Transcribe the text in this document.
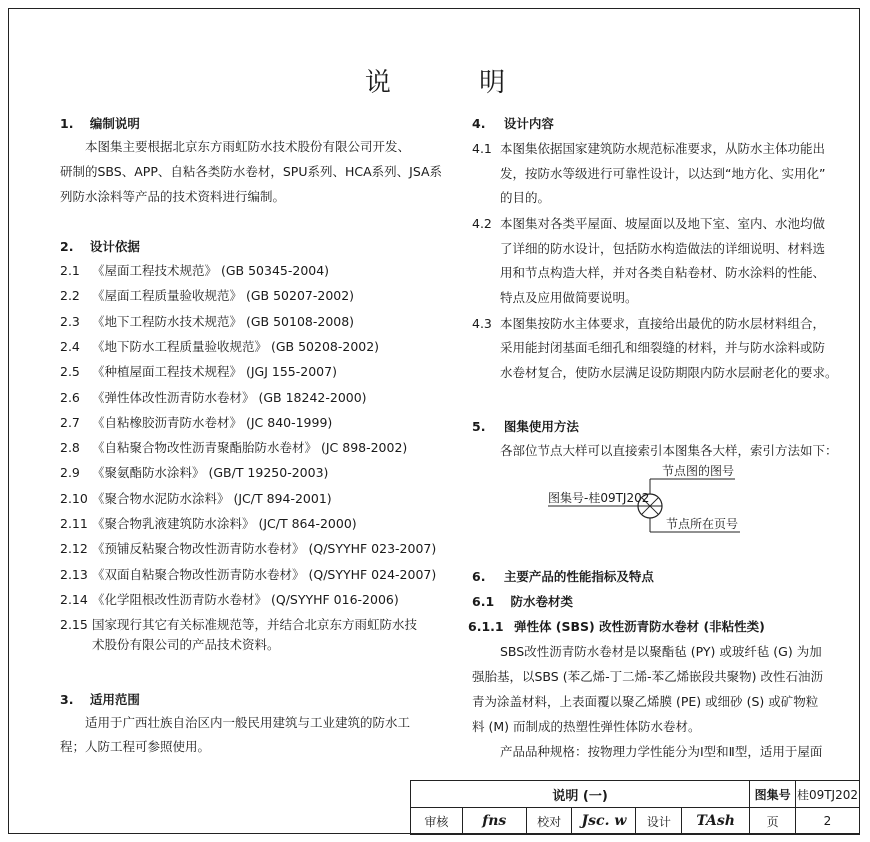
说 明
1. 编制说明
本图集主要根据北京东方雨虹防水技术股份有限公司开发、
研制的SBS、APP、自粘各类防水卷材，SPU系列、HCA系列、JSA系
列防水涂料等产品的技术资料进行编制。
2. 设计依据
2.1 《屋面工程技术规范》 (GB 50345-2004)
2.2 《屋面工程质量验收规范》 (GB 50207-2002)
2.3 《地下工程防水技术规范》 (GB 50108-2008)
2.4 《地下防水工程质量验收规范》 (GB 50208-2002)
2.5 《种植屋面工程技术规程》 (JGJ 155-2007)
2.6 《弹性体改性沥青防水卷材》 (GB 18242-2000)
2.7 《自粘橡胶沥青防水卷材》 (JC 840-1999)
2.8 《自粘聚合物改性沥青聚酯胎防水卷材》 (JC 898-2002)
2.9 《聚氨酯防水涂料》 (GB/T 19250-2003)
2.10 《聚合物水泥防水涂料》 (JC/T 894-2001)
2.11 《聚合物乳液建筑防水涂料》 (JC/T 864-2000)
2.12 《预铺反粘聚合物改性沥青防水卷材》 (Q/SYYHF 023-2007)
2.13 《双面自粘聚合物改性沥青防水卷材》 (Q/SYYHF 024-2007)
2.14 《化学阻根改性沥青防水卷材》 (Q/SYYHF 016-2006)
2.15 国家现行其它有关标准规范等，并结合北京东方雨虹防水技
术股份有限公司的产品技术资料。
3. 适用范围
适用于广西壮族自治区内一般民用建筑与工业建筑的防水工
程；人防工程可参照使用。
4. 设计内容
4.1 本图集依据国家建筑防水规范标准要求，从防水主体功能出
发，按防水等级进行可靠性设计，以达到“地方化、实用化”
的目的。
4.2 本图集对各类平屋面、坡屋面以及地下室、室内、水池均做
了详细的防水设计，包括防水构造做法的详细说明、材料选
用和节点构造大样，并对各类自粘卷材、防水涂料的性能、
特点及应用做简要说明。
4.3 本图集按防水主体要求，直接给出最优的防水层材料组合，
采用能封闭基面毛细孔和细裂缝的材料，并与防水涂料或防
水卷材复合，使防水层满足设防期限内防水层耐老化的要求。
5. 图集使用方法
各部位节点大样可以直接索引本图集各大样，索引方法如下：
节点图的图号
图集号-桂09TJ202
节点所在页号
6. 主要产品的性能指标及特点
6.1 防水卷材类
6.1.1 弹性体 (SBS) 改性沥青防水卷材 (非粘性类)
SBS改性沥青防水卷材是以聚酯毡 (PY) 或玻纤毡 (G) 为加
强胎基，以SBS (苯乙烯-丁二烯-苯乙烯嵌段共聚物) 改性石油沥
青为涂盖材料，上表面覆以聚乙烯膜 (PE) 或细砂 (S) 或矿物粒
料 (M) 而制成的热塑性弹性体防水卷材。
产品品种规格：按物理力学性能分为Ⅰ型和Ⅱ型，适用于屋面
说明 (一)						图集号	桂09TJ202
审核	fns	校对	Jsc. w	设计	TAsh	页	2
